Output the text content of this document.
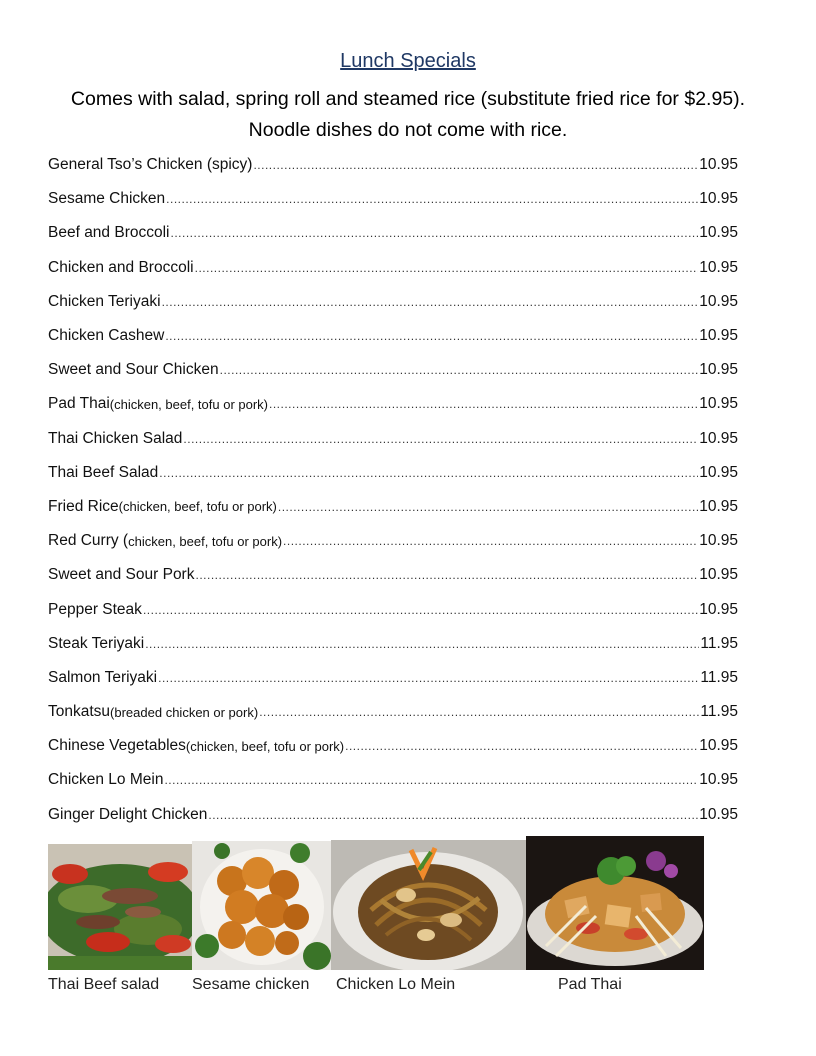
Lunch Specials
Comes with salad, spring roll and steamed rice (substitute fried rice for $2.95).
Noodle dishes do not come with rice.
General Tso’s Chicken (spicy) .....	10.95
Sesame Chicken .....	10.95
Beef and Broccoli .....	10.95
Chicken and Broccoli .....	10.95
Chicken Teriyaki .....	10.95
Chicken Cashew .....	10.95
Sweet and Sour Chicken .....	10.95
Pad Thai (chicken, beef, tofu or pork) .....	10.95
Thai Chicken Salad .....	10.95
Thai Beef Salad .....	10.95
Fried Rice (chicken, beef, tofu or pork) .....	10.95
Red Curry ( chicken, beef, tofu or pork) .....	10.95
Sweet and Sour Pork .....	10.95
Pepper Steak .....	10.95
Steak Teriyaki .....	11.95
Salmon Teriyaki .....	11.95
Tonkatsu (breaded chicken or pork) .....	11.95
Chinese Vegetables (chicken, beef, tofu or pork) .....	10.95
Chicken Lo Mein .....	10.95
Ginger Delight Chicken .....	10.95
Thai Beef salad Sesame chicken Chicken Lo Mein	Pad Thai
